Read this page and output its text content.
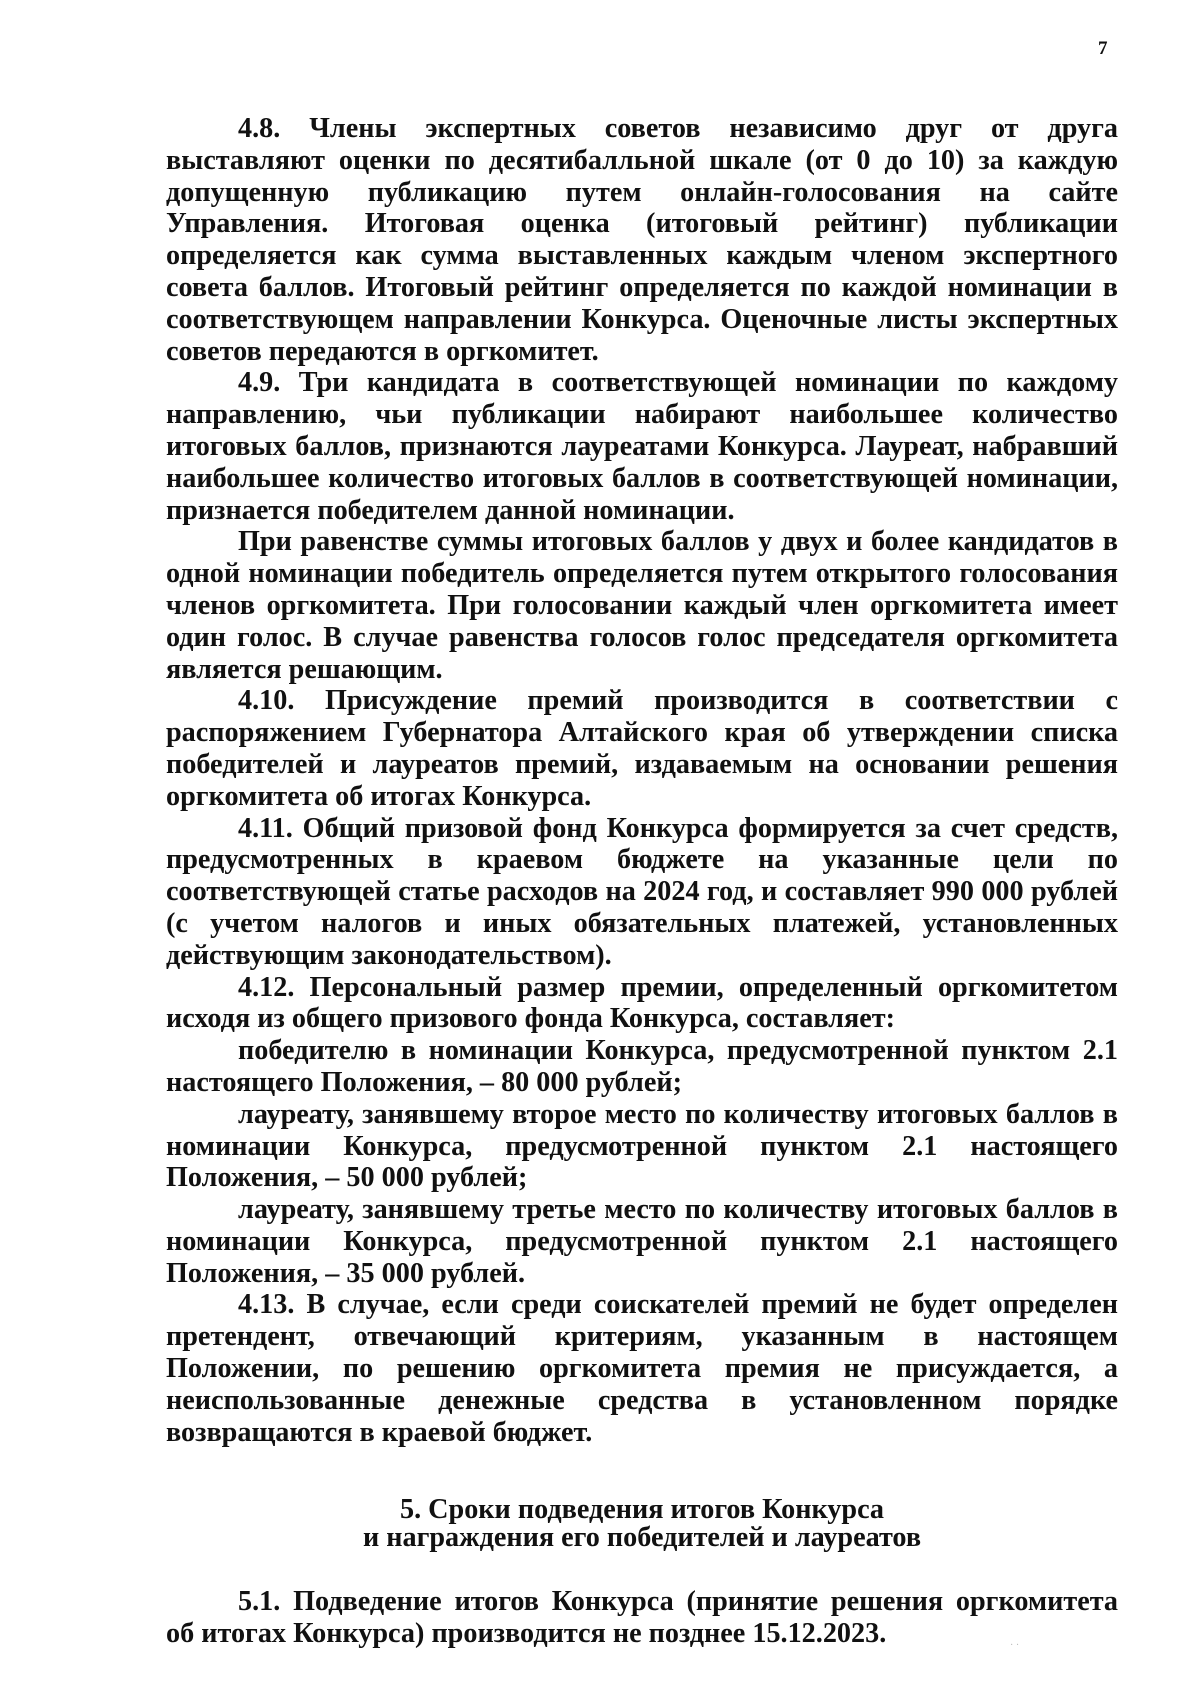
7

4.8. Члены экспертных советов независимо друг от друга выставляют оценки по десятибалльной шкале (от 0 до 10) за каждую допущенную публикацию путем онлайн-голосования на сайте Управления. Итоговая оценка (итоговый рейтинг) публикации определяется как сумма выставленных каждым членом экспертного совета баллов. Итоговый рейтинг определяется по каждой номинации в соответствующем направлении Конкурса. Оценочные листы экспертных советов передаются в оргкомитет.

4.9. Три кандидата в соответствующей номинации по каждому направлению, чьи публикации набирают наибольшее количество итоговых баллов, признаются лауреатами Конкурса. Лауреат, набравший наибольшее количество итоговых баллов в соответствующей номинации, признается победителем данной номинации.

При равенстве суммы итоговых баллов у двух и более кандидатов в одной номинации победитель определяется путем открытого голосования членов оргкомитета. При голосовании каждый член оргкомитета имеет один голос. В случае равенства голосов голос председателя оргкомитета является решающим.

4.10. Присуждение премий производится в соответствии с распоряжением Губернатора Алтайского края об утверждении списка победителей и лауреатов премий, издаваемым на основании решения оргкомитета об итогах Конкурса.

4.11. Общий призовой фонд Конкурса формируется за счет средств, предусмотренных в краевом бюджете на указанные цели по соответствующей статье расходов на 2024 год, и составляет 990 000 рублей (с учетом налогов и иных обязательных платежей, установленных действующим законодательством).

4.12. Персональный размер премии, определенный оргкомитетом исходя из общего призового фонда Конкурса, составляет:

победителю в номинации Конкурса, предусмотренной пунктом 2.1 настоящего Положения, – 80 000 рублей;

лауреату, занявшему второе место по количеству итоговых баллов в номинации Конкурса, предусмотренной пунктом 2.1 настоящего Положения, – 50 000 рублей;

лауреату, занявшему третье место по количеству итоговых баллов в номинации Конкурса, предусмотренной пунктом 2.1 настоящего Положения, – 35 000 рублей.

4.13. В случае, если среди соискателей премий не будет определен претендент, отвечающий критериям, указанным в настоящем Положении, по решению оргкомитета премия не присуждается, а неиспользованные денежные средства в установленном порядке возвращаются в краевой бюджет.

5. Сроки подведения итогов Конкурса
и награждения его победителей и лауреатов

5.1. Подведение итогов Конкурса (принятие решения оргкомитета об итогах Конкурса) производится не позднее 15.12.2023.	· ·
